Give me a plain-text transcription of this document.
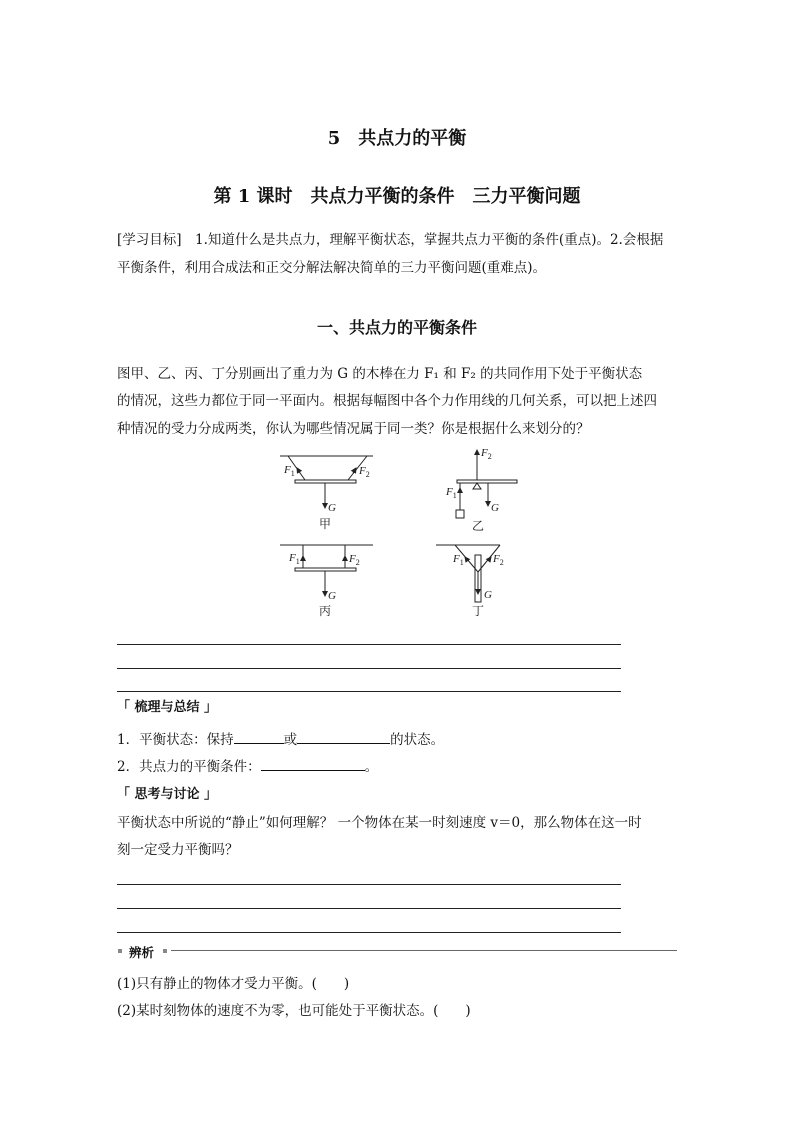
5　共点力的平衡
第 1 课时　共点力平衡的条件　三力平衡问题
[学习目标]　 1.知道什么是共点力，理解平衡状态，掌握共点力平衡的条件(重点)。2.会根据
平衡条件，利用合成法和正交分解法解决简单的三力平衡问题(重难点)。
一、共点力的平衡条件
图甲、乙、丙、丁分别画出了重力为 G 的木棒在力 F₁ 和 F₂ 的共同作用下处于平衡状态
的情况，这些力都位于同一平面内。根据每幅图中各个力作用线的几何关系，可以把上述四
种情况的受力分成两类，你认为哪些情况属于同一类？你是根据什么来划分的？
$F_1$	$F_2$
G
甲
$F_2$
$F_1$
G
乙
$F_1$	$F_2$
G
丙
$F_1$	$F_2$
G
丁
「 梳理与总结 」
1．平衡状态：保持	或	的状态。
2．共点力的平衡条件：	。
「 思考与讨论 」
平衡状态中所说的“静止”如何理解？ 一个物体在某一时刻速度 v＝0，那么物体在这一时
刻一定受力平衡吗？
辨析
(1)只有静止的物体才受力平衡。(　　)
(2)某时刻物体的速度不为零，也可能处于平衡状态。(　　)
